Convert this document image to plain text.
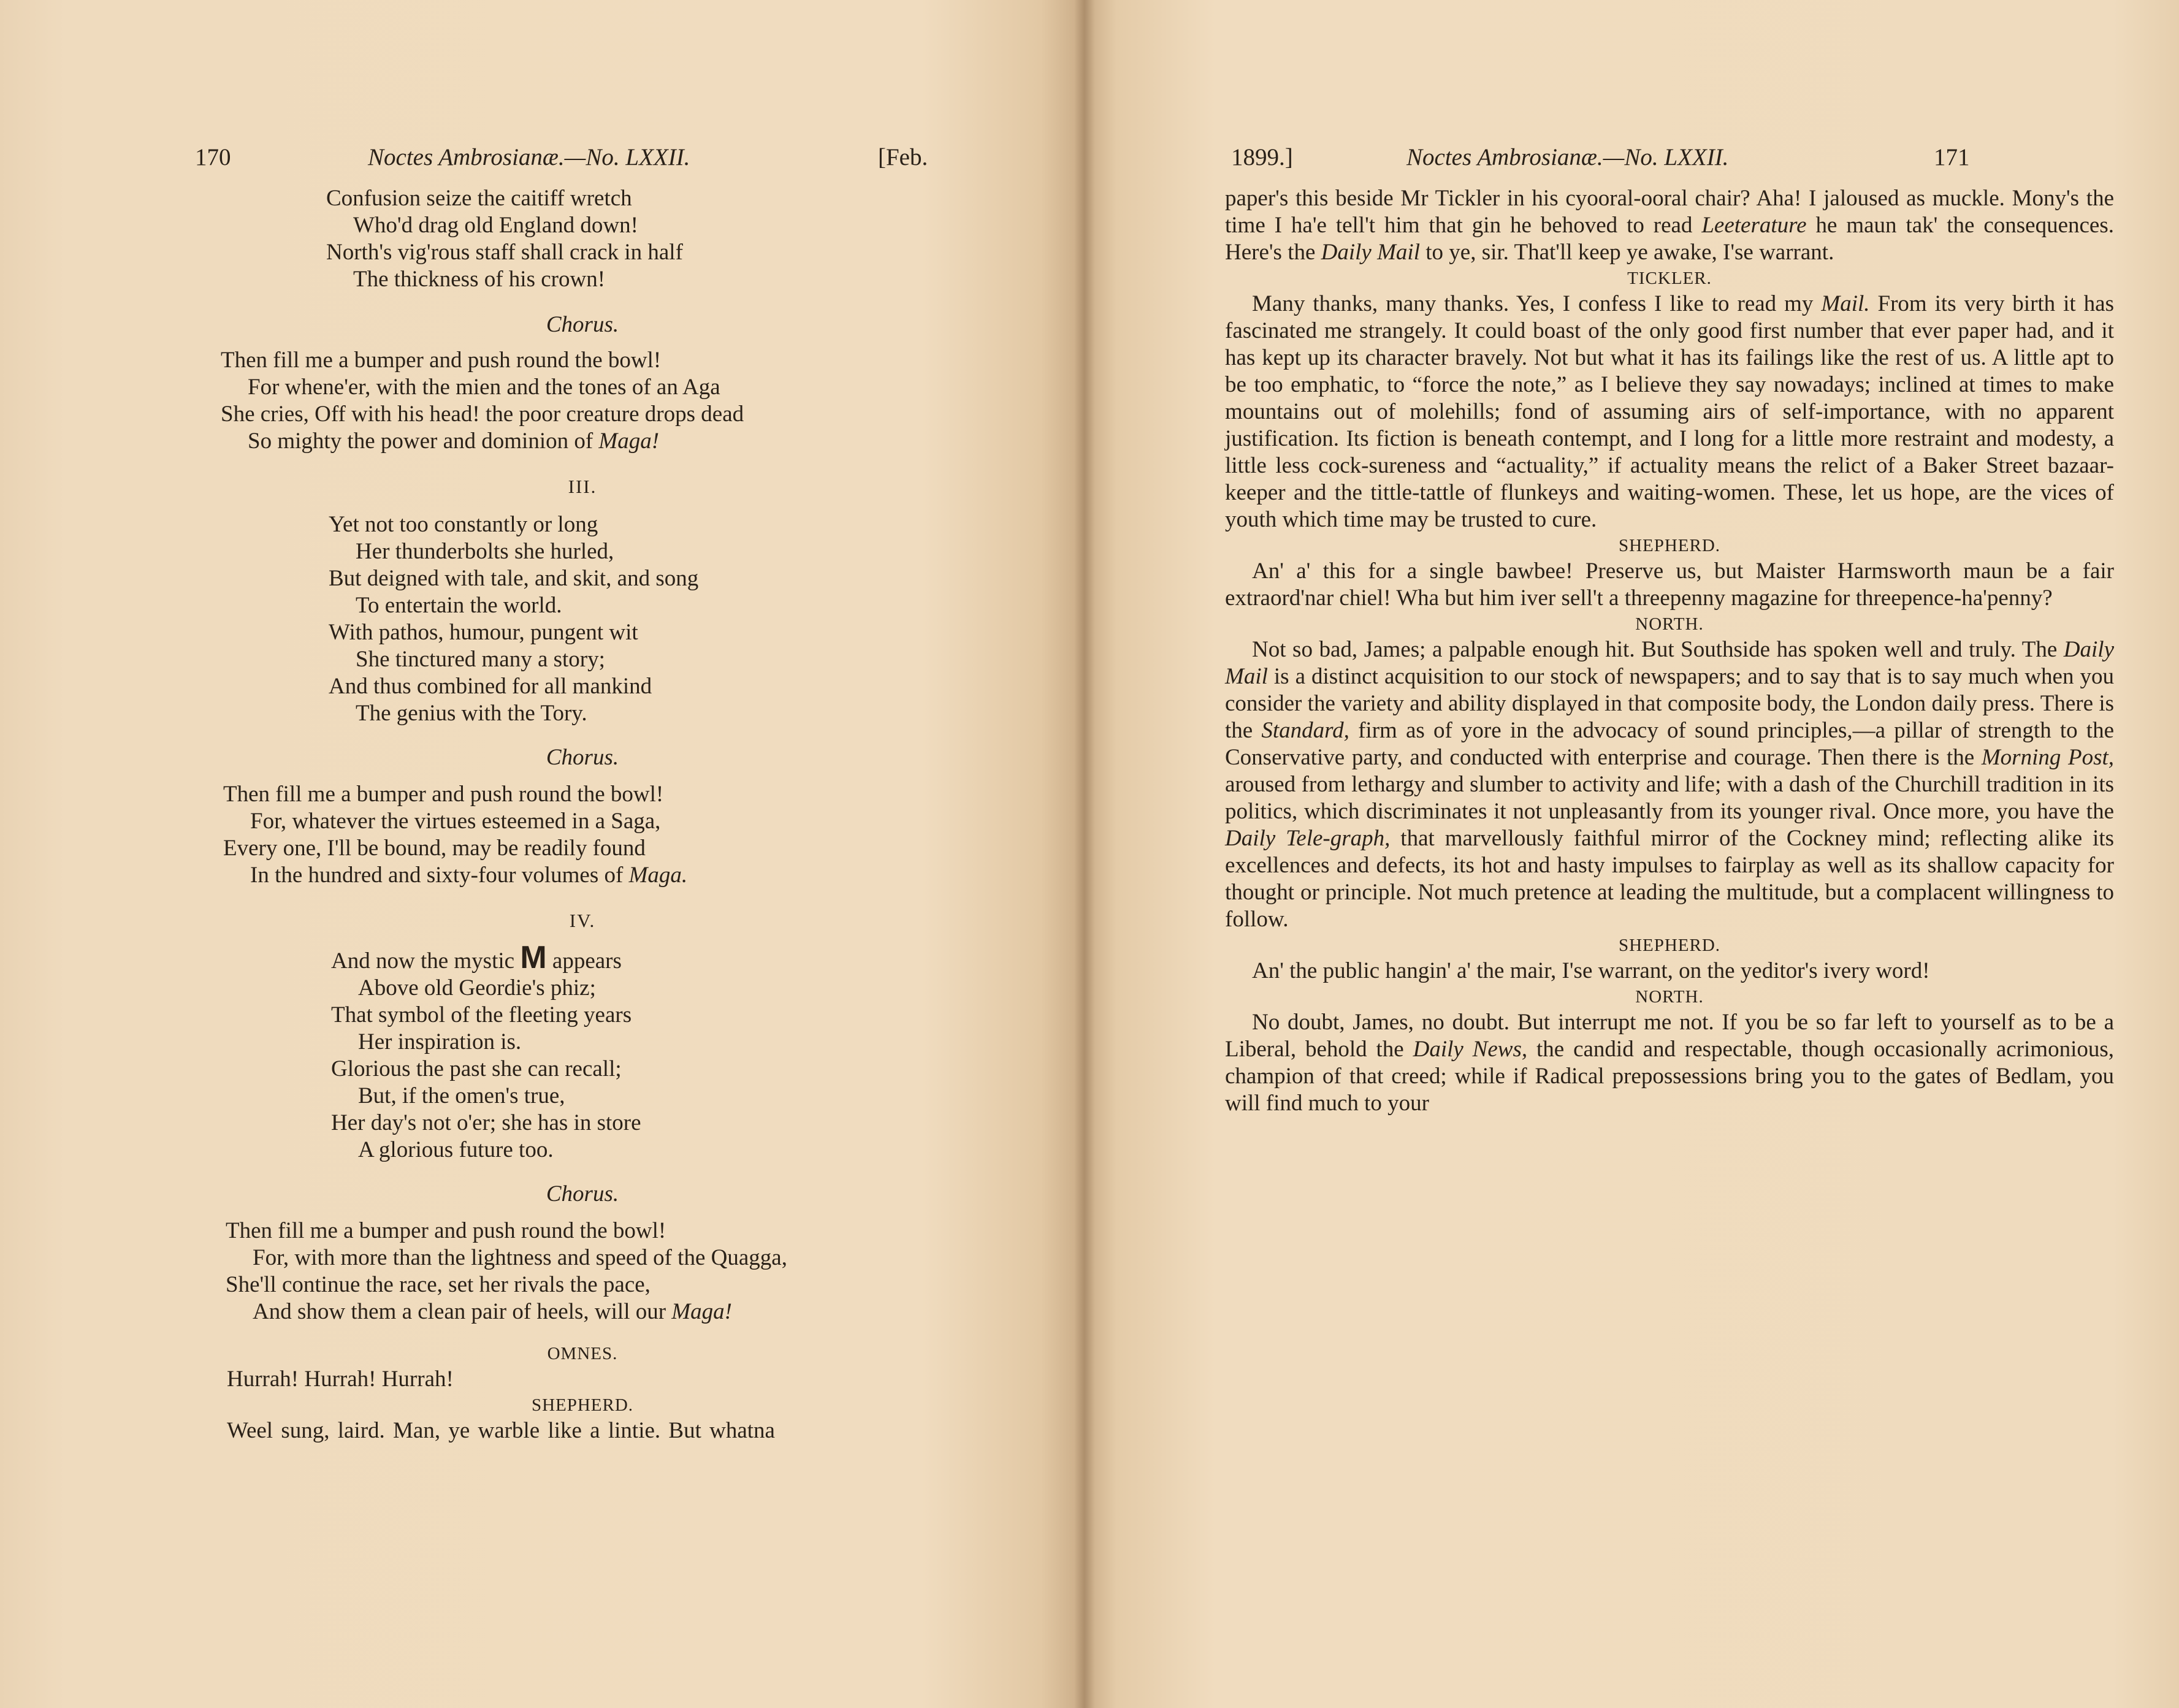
170	Noctes Ambrosianæ.—No. LXXII.	[Feb.
Confusion seize the caitiff wretch
Who'd drag old England down!
North's vig'rous staff shall crack in half
The thickness of his crown!
Chorus.
Then fill me a bumper and push round the bowl!
For whene'er, with the mien and the tones of an Aga
She cries, Off with his head! the poor creature drops dead
So mighty the power and dominion of Maga!
III.
Yet not too constantly or long
Her thunderbolts she hurled,
But deigned with tale, and skit, and song
To entertain the world.
With pathos, humour, pungent wit
She tinctured many a story;
And thus combined for all mankind
The genius with the Tory.
Chorus.
Then fill me a bumper and push round the bowl!
For, whatever the virtues esteemed in a Saga,
Every one, I'll be bound, may be readily found
In the hundred and sixty-four volumes of Maga.
IV.
And now the mystic M appears
Above old Geordie's phiz;
That symbol of the fleeting years
Her inspiration is.
Glorious the past she can recall;
But, if the omen's true,
Her day's not o'er; she has in store
A glorious future too.
Chorus.
Then fill me a bumper and push round the bowl!
For, with more than the lightness and speed of the Quagga,
She'll continue the race, set her rivals the pace,
And show them a clean pair of heels, will our Maga!
OMNES.
Hurrah! Hurrah! Hurrah!
SHEPHERD.
Weel sung, laird. Man, ye warble like a lintie. But whatna
1899.]	Noctes Ambrosianæ.—No. LXXII.	171
paper's this beside Mr Tickler in his cyooral-ooral chair? Aha! I jaloused as muckle. Mony's the time I ha'e tell't him that gin he behoved to read Leeterature he maun tak' the consequences. Here's the Daily Mail to ye, sir. That'll keep ye awake, I'se warrant.
TICKLER.
Many thanks, many thanks. Yes, I confess I like to read my Mail. From its very birth it has fascinated me strangely. It could boast of the only good first number that ever paper had, and it has kept up its character bravely. Not but what it has its failings like the rest of us. A little apt to be too emphatic, to “force the note,” as I believe they say nowadays; inclined at times to make mountains out of molehills; fond of assuming airs of self-importance, with no apparent justification. Its fiction is beneath contempt, and I long for a little more restraint and modesty, a little less cock-sureness and “actuality,” if actuality means the relict of a Baker Street bazaar-keeper and the tittle-tattle of flunkeys and waiting-women. These, let us hope, are the vices of youth which time may be trusted to cure.
SHEPHERD.
An' a' this for a single bawbee! Preserve us, but Maister Harmsworth maun be a fair extraord'nar chiel! Wha but him iver sell't a threepenny magazine for threepence-ha'penny?
NORTH.
Not so bad, James; a palpable enough hit. But Southside has spoken well and truly. The Daily Mail is a distinct acquisition to our stock of newspapers; and to say that is to say much when you consider the variety and ability displayed in that composite body, the London daily press. There is the Standard, firm as of yore in the advocacy of sound principles,—a pillar of strength to the Conservative party, and conducted with enterprise and courage. Then there is the Morning Post, aroused from lethargy and slumber to activity and life; with a dash of the Churchill tradition in its politics, which discriminates it not unpleasantly from its younger rival. Once more, you have the Daily Tele-graph, that marvellously faithful mirror of the Cockney mind; reflecting alike its excellences and defects, its hot and hasty impulses to fairplay as well as its shallow capacity for thought or principle. Not much pretence at leading the multitude, but a complacent willingness to follow.
SHEPHERD.
An' the public hangin' a' the mair, I'se warrant, on the yeditor's ivery word!
NORTH.
No doubt, James, no doubt. But interrupt me not. If you be so far left to yourself as to be a Liberal, behold the Daily News, the candid and respectable, though occasionally acrimonious, champion of that creed; while if Radical prepossessions bring you to the gates of Bedlam, you will find much to your
